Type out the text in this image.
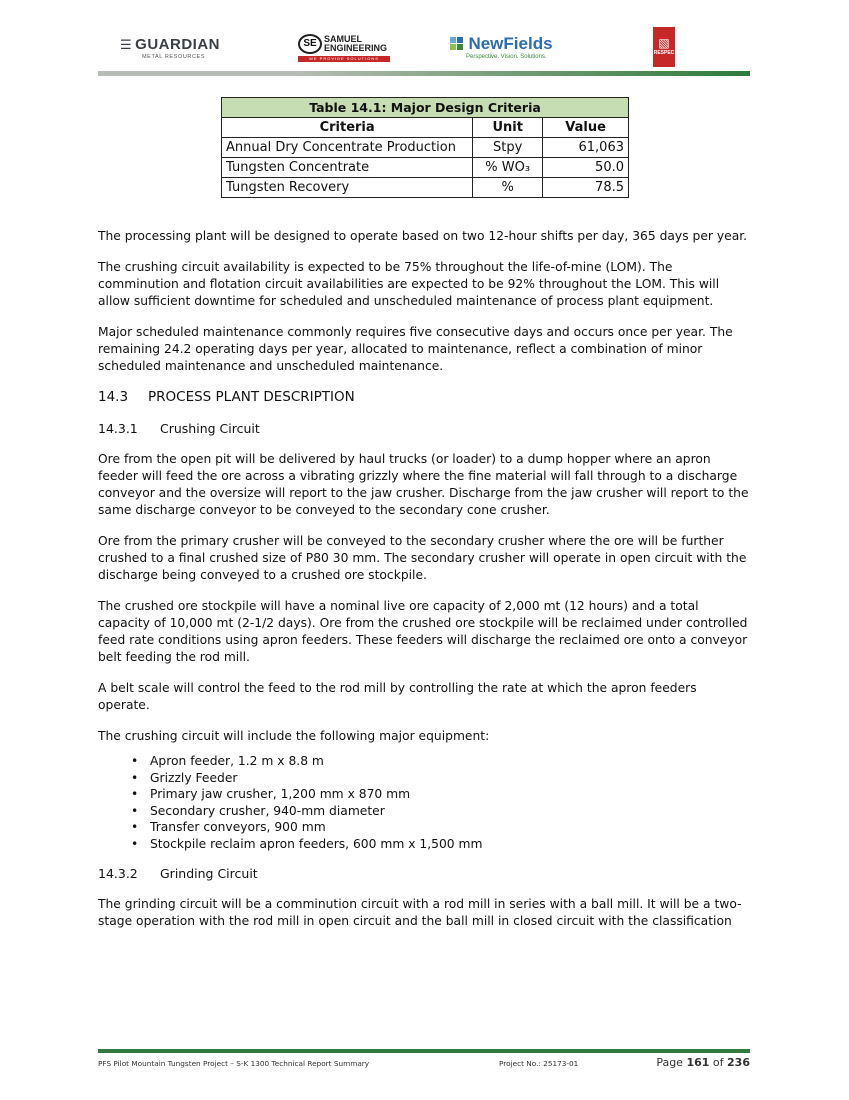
☰ GUARDIAN
METAL RESOURCES
SE SAMUEL
ENGINEERING
WE PROVIDE SOLUTIONS
NewFields
Perspective. Vision. Solutions.
▧
RESPEC
Table 14.1: Major Design Criteria		
Criteria	Unit	Value
Annual Dry Concentrate Production	Stpy	61,063
Tungsten Concentrate	% WO₃	50.0
Tungsten Recovery	%	78.5

The processing plant will be designed to operate based on two 12-hour shifts per day, 365 days per year.

The crushing circuit availability is expected to be 75% throughout the life-of-mine (LOM). The comminution and flotation circuit availabilities are expected to be 92% throughout the LOM. This will allow sufficient downtime for scheduled and unscheduled maintenance of process plant equipment.

Major scheduled maintenance commonly requires five consecutive days and occurs once per year. The remaining 24.2 operating days per year, allocated to maintenance, reflect a combination of minor scheduled maintenance and unscheduled maintenance.

14.3 PROCESS PLANT DESCRIPTION
14.3.1 Crushing Circuit

Ore from the open pit will be delivered by haul trucks (or loader) to a dump hopper where an apron feeder will feed the ore across a vibrating grizzly where the fine material will fall through to a discharge conveyor and the oversize will report to the jaw crusher. Discharge from the jaw crusher will report to the same discharge conveyor to be conveyed to the secondary cone crusher.

Ore from the primary crusher will be conveyed to the secondary crusher where the ore will be further crushed to a final crushed size of P80 30 mm. The secondary crusher will operate in open circuit with the discharge being conveyed to a crushed ore stockpile.

The crushed ore stockpile will have a nominal live ore capacity of 2,000 mt (12 hours) and a total capacity of 10,000 mt (2-1/2 days). Ore from the crushed ore stockpile will be reclaimed under controlled feed rate conditions using apron feeders. These feeders will discharge the reclaimed ore onto a conveyor belt feeding the rod mill.

A belt scale will control the feed to the rod mill by controlling the rate at which the apron feeders operate.

The crushing circuit will include the following major equipment:

• Apron feeder, 1.2 m x 8.8 m
• Grizzly Feeder
• Primary jaw crusher, 1,200 mm x 870 mm
• Secondary crusher, 940-mm diameter
• Transfer conveyors, 900 mm
• Stockpile reclaim apron feeders, 600 mm x 1,500 mm
14.3.2 Grinding Circuit

The grinding circuit will be a comminution circuit with a rod mill in series with a ball mill. It will be a two-stage operation with the rod mill in open circuit and the ball mill in closed circuit with the classification

PFS Pilot Mountain Tungsten Project – S-K 1300 Technical Report Summary	Project No.: 25173-01	Page 161 of 236
